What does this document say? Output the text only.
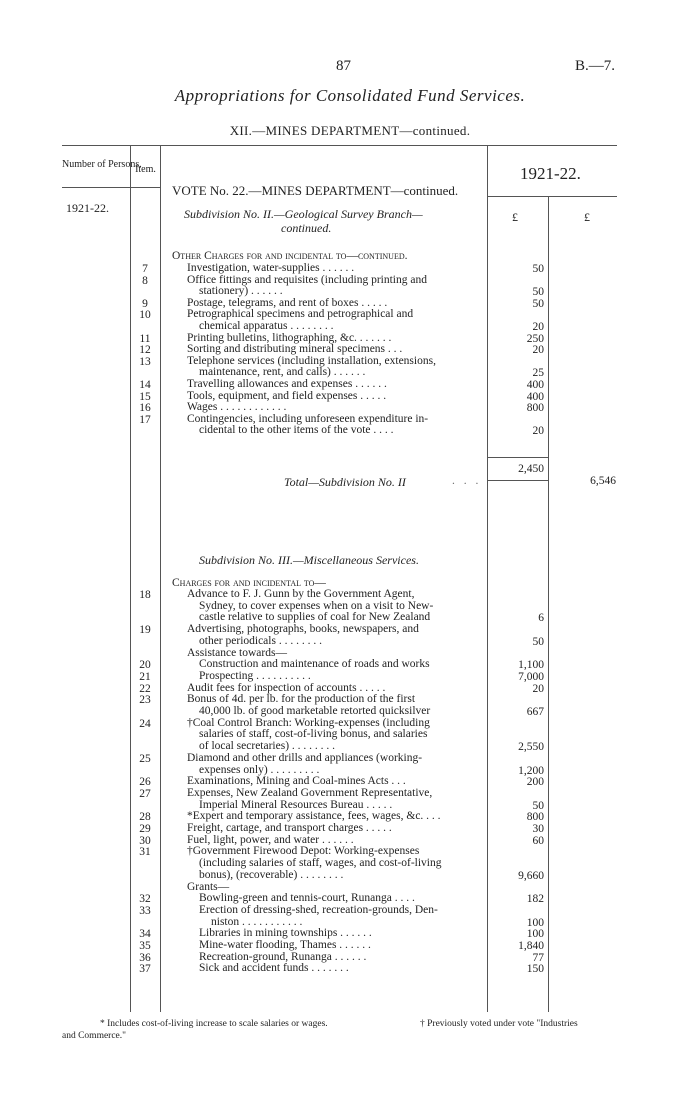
87	B.—7.
Appropriations for Consolidated Fund Services.
XII.—MINES DEPARTMENT—continued.
Number of Persons.
Item.	1921-22.
1921-22.
£	£
VOTE No. 22.—MINES DEPARTMENT—continued.
Subdivision No. II.—Geological Survey Branch—
continued.
Other Charges for and incidental to—continued.
7	Investigation, water-supplies . . . . . .	50
8	Office fittings and requisites (including printing and
stationery) . . . . . .	50
9	Postage, telegrams, and rent of boxes . . . . .	50
10	Petrographical specimens and petrographical and
chemical apparatus . . . . . . . .	20
11	Printing bulletins, lithographing, &c. . . . . . .	250
12	Sorting and distributing mineral specimens . . .	20
13	Telephone services (including installation, extensions,
maintenance, rent, and calls) . . . . . .	25
14	Travelling allowances and expenses . . . . . .	400
15	Tools, equipment, and field expenses . . . . .	400
16	Wages . . . . . . . . . . . .	800
17	Contingencies, including unforeseen expenditure in-
cidental to the other items of the vote . . . .	20
2,450
Total—Subdivision No. II	. . .	6,546
Subdivision No. III.—Miscellaneous Services.
Charges for and incidental to—
18	Advance to F. J. Gunn by the Government Agent,
Sydney, to cover expenses when on a visit to New-
castle relative to supplies of coal for New Zealand	6
19	Advertising, photographs, books, newspapers, and
other periodicals . . . . . . . .	50
Assistance towards—
20	Construction and maintenance of roads and works	1,100
21	Prospecting . . . . . . . . . .	7,000
22	Audit fees for inspection of accounts . . . . .	20
23	Bonus of 4d. per lb. for the production of the first
40,000 lb. of good marketable retorted quicksilver	667
24	†Coal Control Branch: Working-expenses (including
salaries of staff, cost-of-living bonus, and salaries
of local secretaries) . . . . . . . .	2,550
25	Diamond and other drills and appliances (working-
expenses only) . . . . . . . . .	1,200
26	Examinations, Mining and Coal-mines Acts . . .	200
27	Expenses, New Zealand Government Representative,
Imperial Mineral Resources Bureau . . . . .	50
28	*Expert and temporary assistance, fees, wages, &c. . . .	800
29	Freight, cartage, and transport charges . . . . .	30
30	Fuel, light, power, and water . . . . . .	60
31	†Government Firewood Depot: Working-expenses
(including salaries of staff, wages, and cost-of-living
bonus), (recoverable) . . . . . . . .	9,660
Grants—
32	Bowling-green and tennis-court, Runanga . . . .	182
33	Erection of dressing-shed, recreation-grounds, Den-
niston . . . . . . . . . . .	100
34	Libraries in mining townships . . . . . .	100
35	Mine-water flooding, Thames . . . . . .	1,840
36	Recreation-ground, Runanga . . . . . .	77
37	Sick and accident funds . . . . . . .	150
* Includes cost-of-living increase to scale salaries or wages.	† Previously voted under vote "Industries
and Commerce."
